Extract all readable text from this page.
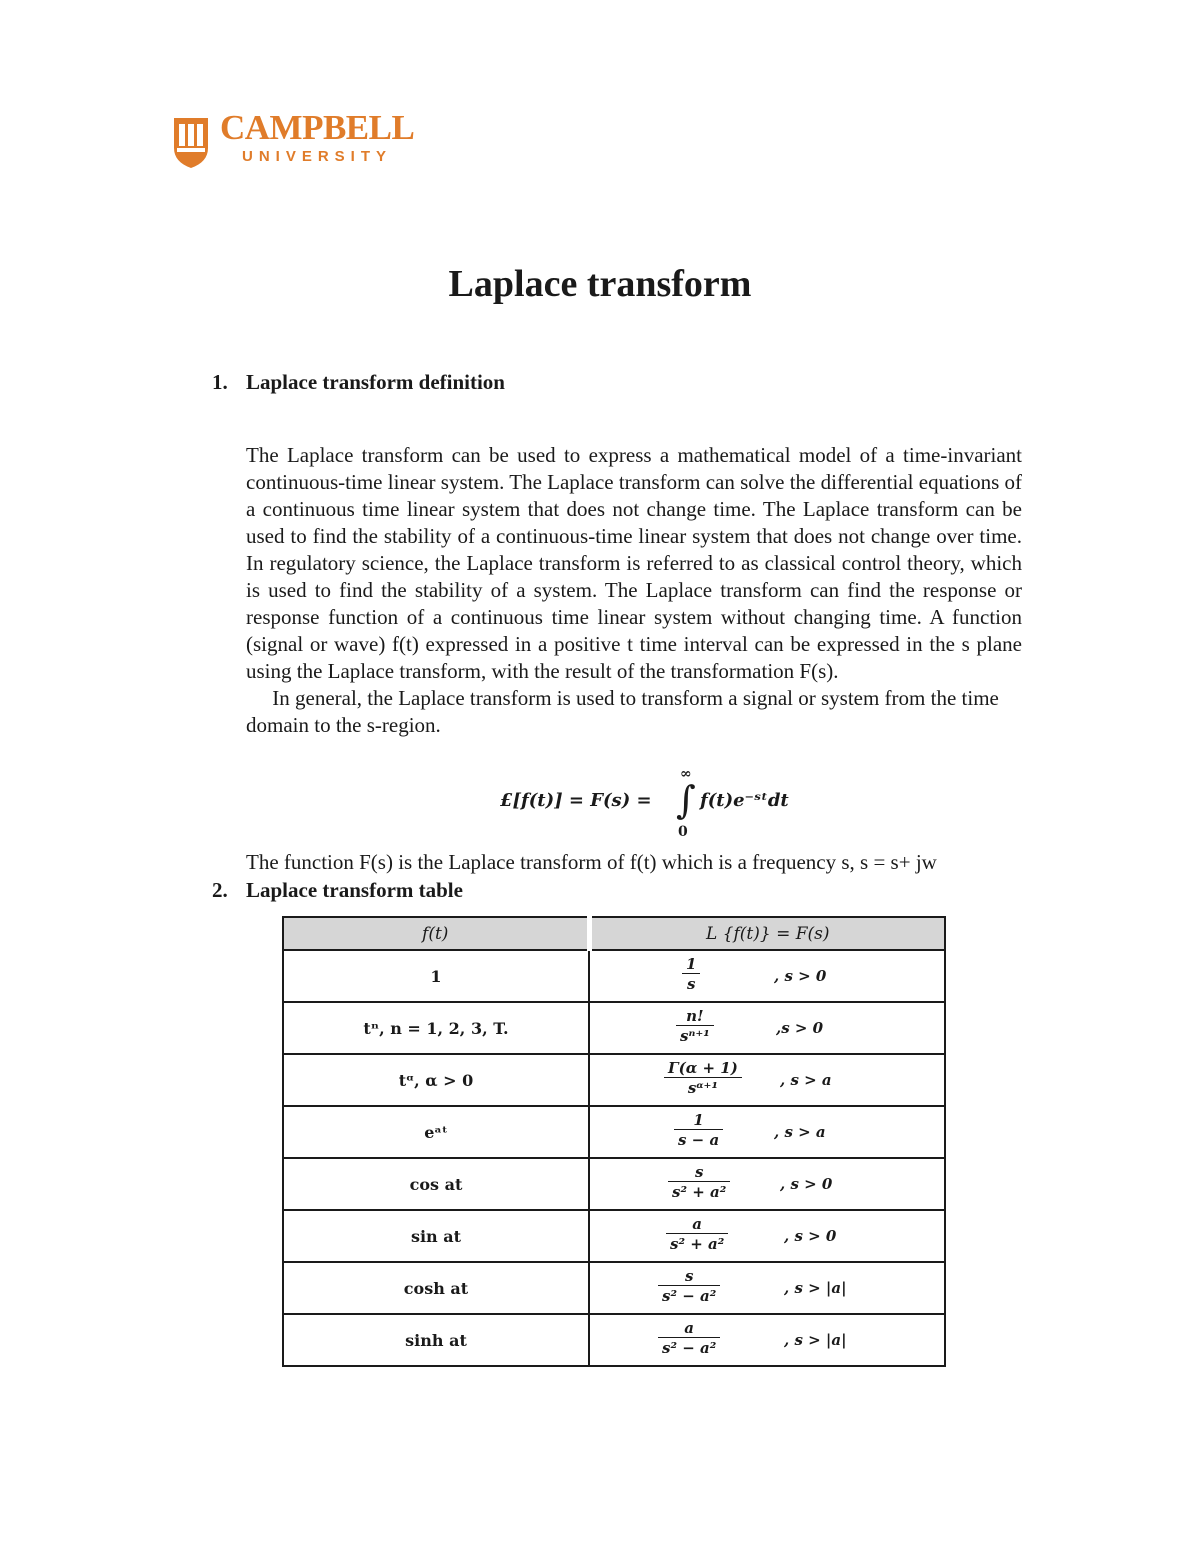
CAMPBELL
UNIVERSITY
Laplace transform
1. Laplace transform definition

The Laplace transform can be used to express a mathematical model of a time-invariant continuous-time linear system. The Laplace transform can solve the differential equations of a continuous time linear system that does not change time. The Laplace transform can be used to find the stability of a continuous-time linear system that does not change over time. In regulatory science, the Laplace transform is referred to as classical control theory, which is used to find the stability of a system. The Laplace transform can find the response or response function of a continuous time linear system without changing time. A function (signal or wave) f(t) expressed in a positive t time interval can be expressed in the s plane using the Laplace transform, with the result of the transformation F(s).

In general, the Laplace transform is used to transform a signal or system from the time domain to the s-region.

£[f(t)] = F(s) =
∞
∫
0
f(t)e⁻ˢᵗdt
The function F(s) is the Laplace transform of f(t) which is a frequency s, s = s+ jw
2. Laplace transform table
f(t)	L {f(t)} = F(s)
1	$\frac{1}{s}$ , s > 0

tⁿ, n = 1, 2, 3, T.	$\frac{n!}{\text{sⁿ⁺¹}} ,s > 0$

tᵅ, α > 0	$\frac{\Gamma(\alpha + 1)}{\text{sᵅ⁺¹}}$ , s > a

eᵃᵗ	$\frac{1}{s - a}$ , s > a

cos at	$\frac{s}{\text{s² + a²}}$ , s > 0

sin at	$\frac{a}{\text{s² + a²}}$ , s > 0

cosh at	$\frac{s}{\text{s² − a²}}$ , s > |a|

sinh at	$\frac{a}{\text{s² − a²}}$ , s > |a|
